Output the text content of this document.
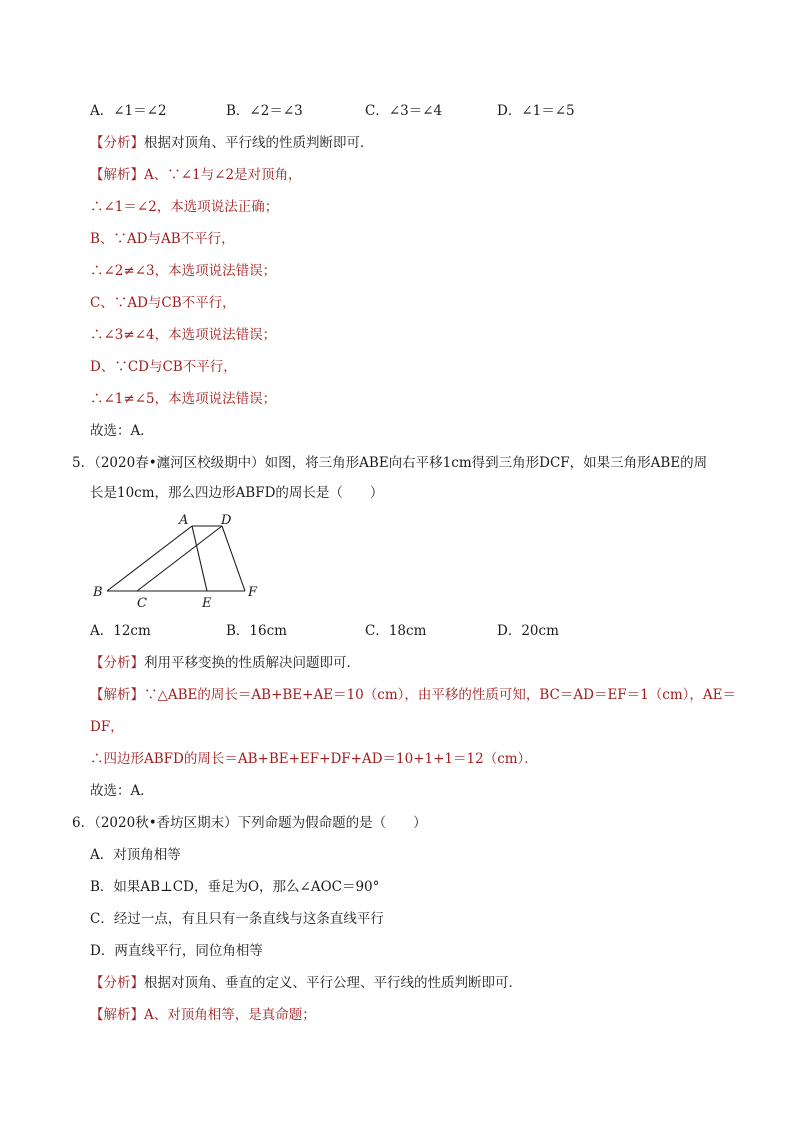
A．∠1＝∠2	B．∠2＝∠3	C．∠3＝∠4	D．∠1＝∠5
【分析】根据对顶角、平行线的性质判断即可．
【解析】A、∵∠1与∠2是对顶角，
∴∠1＝∠2，本选项说法正确；
B、∵AD与AB不平行，
∴∠2≠∠3，本选项说法错误；
C、∵AD与CB不平行，
∴∠3≠∠4，本选项说法错误；
D、∵CD与CB不平行，
∴∠1≠∠5，本选项说法错误；
故选：A．
5．（2020春•瀍河区校级期中）如图，将三角形ABE向右平移1cm得到三角形DCF，如果三角形ABE的周
长是10cm，那么四边形ABFD的周长是（　　）
A	D
B
C	E
F
A．12cm	B．16cm	C．18cm	D．20cm
【分析】利用平移变换的性质解决问题即可．
【解析】∵△ABE的周长＝AB+BE+AE＝10（cm），由平移的性质可知，BC＝AD＝EF＝1（cm），AE＝
DF，
∴四边形ABFD的周长＝AB+BE+EF+DF+AD＝10+1+1＝12（cm）．
故选：A．
6．（2020秋•香坊区期末）下列命题为假命题的是（　　）
A．对顶角相等
B．如果AB⊥CD，垂足为O，那么∠AOC＝90°
C．经过一点，有且只有一条直线与这条直线平行
D．两直线平行，同位角相等
【分析】根据对顶角、垂直的定义、平行公理、平行线的性质判断即可．
【解析】A、对顶角相等，是真命题；
